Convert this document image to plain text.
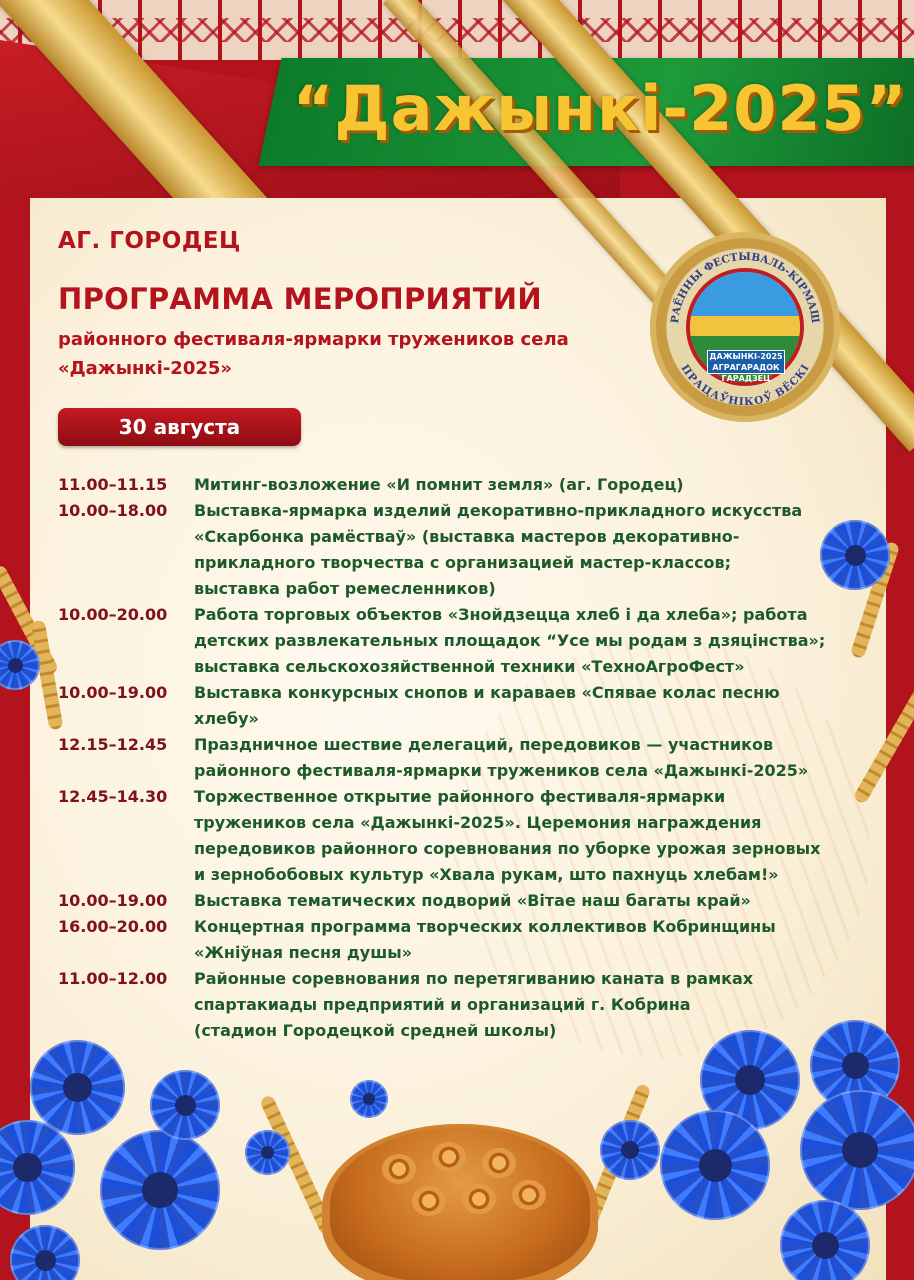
“Дажынкі-2025”
АГ. ГОРОДЕЦ
ПРОГРАММА МЕРОПРИЯТИЙ
районного фестиваля-ярмарки тружеников села
«Дажынкі-2025»
РАЁННЫ ФЕСТЫВАЛЬ-КІРМАШ
ПРАЦАЎНІКОЎ ВЁСКІ
ДАЖЫНКІ-2025
АГРАГАРАДОК
ГАРАДЗЕЦ
30 августа
11.00–11.15	Митинг-возложение «И помнит земля» (аг. Городец)
10.00–18.00	Выставка-ярмарка изделий декоративно-прикладного искусства
«Скарбонка рамёстваў» (выставка мастеров декоративно-
прикладного творчества с организацией мастер-классов;
выставка работ ремесленников)
10.00–20.00	Работа торговых объектов «Знойдзецца хлеб і да хлеба»; работа
детских развлекательных площадок “Усе мы родам з дзяцінства»;
выставка сельскохозяйственной техники «ТехноАгроФест»
10.00–19.00	Выставка конкурсных снопов и караваев «Спявае колас песню
хлебу»
12.15–12.45	Праздничное шествие делегаций, передовиков — участников
районного фестиваля-ярмарки тружеников села «Дажынкі-2025»
12.45–14.30	Торжественное открытие районного фестиваля-ярмарки
тружеников села «Дажынкі-2025». Церемония награждения
передовиков районного соревнования по уборке урожая зерновых
и зернобобовых культур «Хвала рукам, што пахнуць хлебам!»
10.00–19.00	Выставка тематических подворий «Вітае наш багаты край»
16.00–20.00	Концертная программа творческих коллективов Кобринщины
«Жніўная песня душы»
11.00–12.00	Районные соревнования по перетягиванию каната в рамках
спартакиады предприятий и организаций г. Кобрина
(стадион Городецкой средней школы)
